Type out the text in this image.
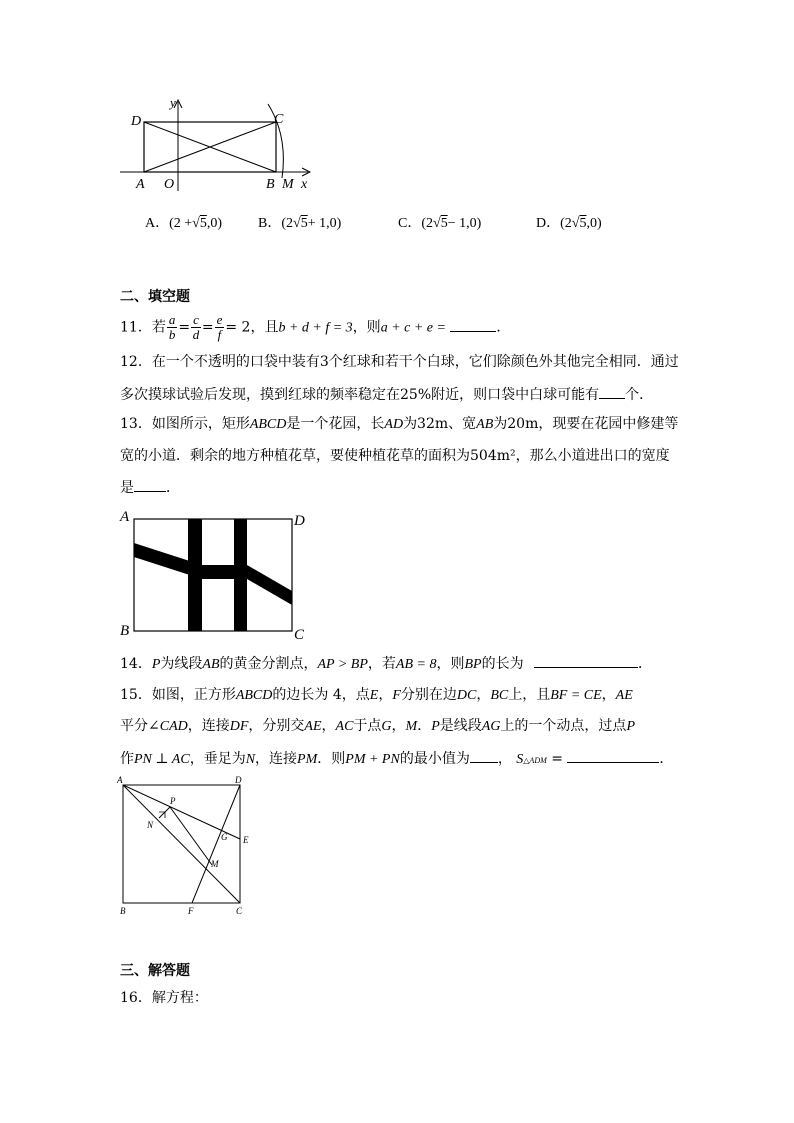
D
y
C
A O	B M x
A．(2 +√5,0)	B．(2√5+ 1,0)	C．(2√5− 1,0)	D．(2√5,0)
二、填空题
11．若 $\frac{a}{b} = \frac{c}{d} = \frac{e}{f} = 2$，且b + d + f = 3，则a + c + e =	．
12．在一个不透明的口袋中装有3个红球和若干个白球，它们除颜色外其他完全相同．通过
多次摸球试验后发现，摸到红球的频率稳定在25%附近，则口袋中白球可能有 个．
13．如图所示，矩形ABCD是一个花园，长AD为32m、宽AB为20m，现要在花园中修建等
宽的小道．剩余的地方种植花草，要使种植花草的面积为504m²，那么小道进出口的宽度
是 ．
A	D
B	C
14．P为线段AB的黄金分割点，AP > BP，若AB = 8，则BP的长为	．
15．如图，正方形ABCD的边长为 4，点E，F分别在边DC，BC上，且BF = CE，AE
平分∠CAD，连接DF，分别交AE，AC于点G，M．P是线段AG上的一个动点，过点P
作PN ⊥ AC，垂足为N，连接PM．则PM + PN的最小值为 ， S△ADM =	．
A	D
P
N
G E
M
B	F	C
三、解答题
16．解方程：
